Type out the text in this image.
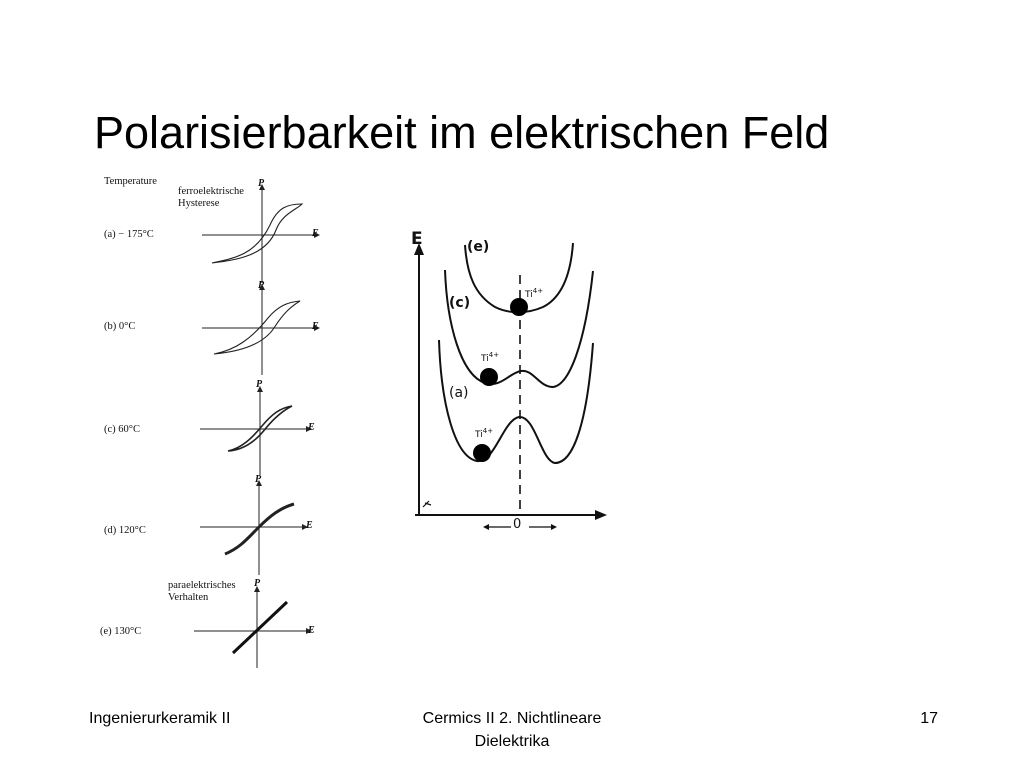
Polarisierbarkeit im elektrischen Feld
Temperature
ferroelektrische
Hysterese
paraelektrisches
Verhalten
(a) − 175°C
(b) 0°C
(c) 60°C
(d) 120°C
(e) 130°C
P
E
P
E
P
E
P
E
P
E
E
0
(e)
(c)
(a)
$Ti^{4+}$
$Ti^{4+}$
$Ti^{4+}$
Ingenierurkeramik II	Cermics II 2. Nichtlineare
Dielektrika
17
